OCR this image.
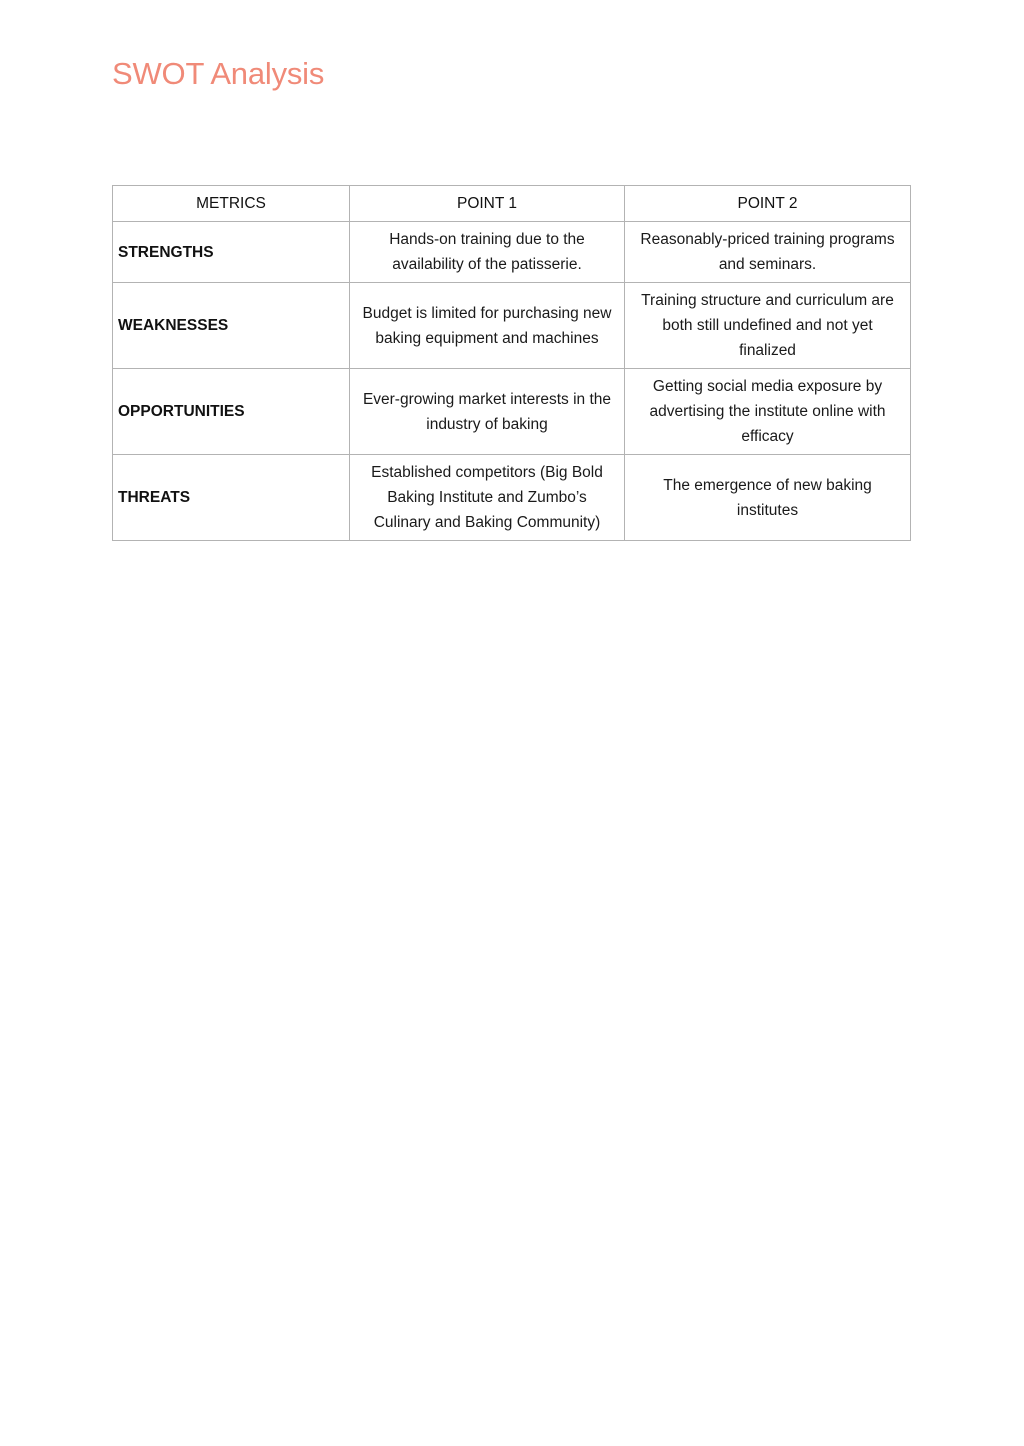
SWOT Analysis
METRICS	POINT 1	POINT 2
STRENGTHS	Hands-on training due to the availability of the patisserie.	Reasonably-priced training programs and seminars.
WEAKNESSES	Budget is limited for purchasing new baking equipment and machines	Training structure and curriculum are both still undefined and not yet finalized
OPPORTUNITIES	Ever-growing market interests in the industry of baking	Getting social media exposure by advertising the institute online with efficacy
THREATS	Established competitors (Big Bold Baking Institute and Zumbo’s Culinary and Baking Community)	The emergence of new baking institutes
